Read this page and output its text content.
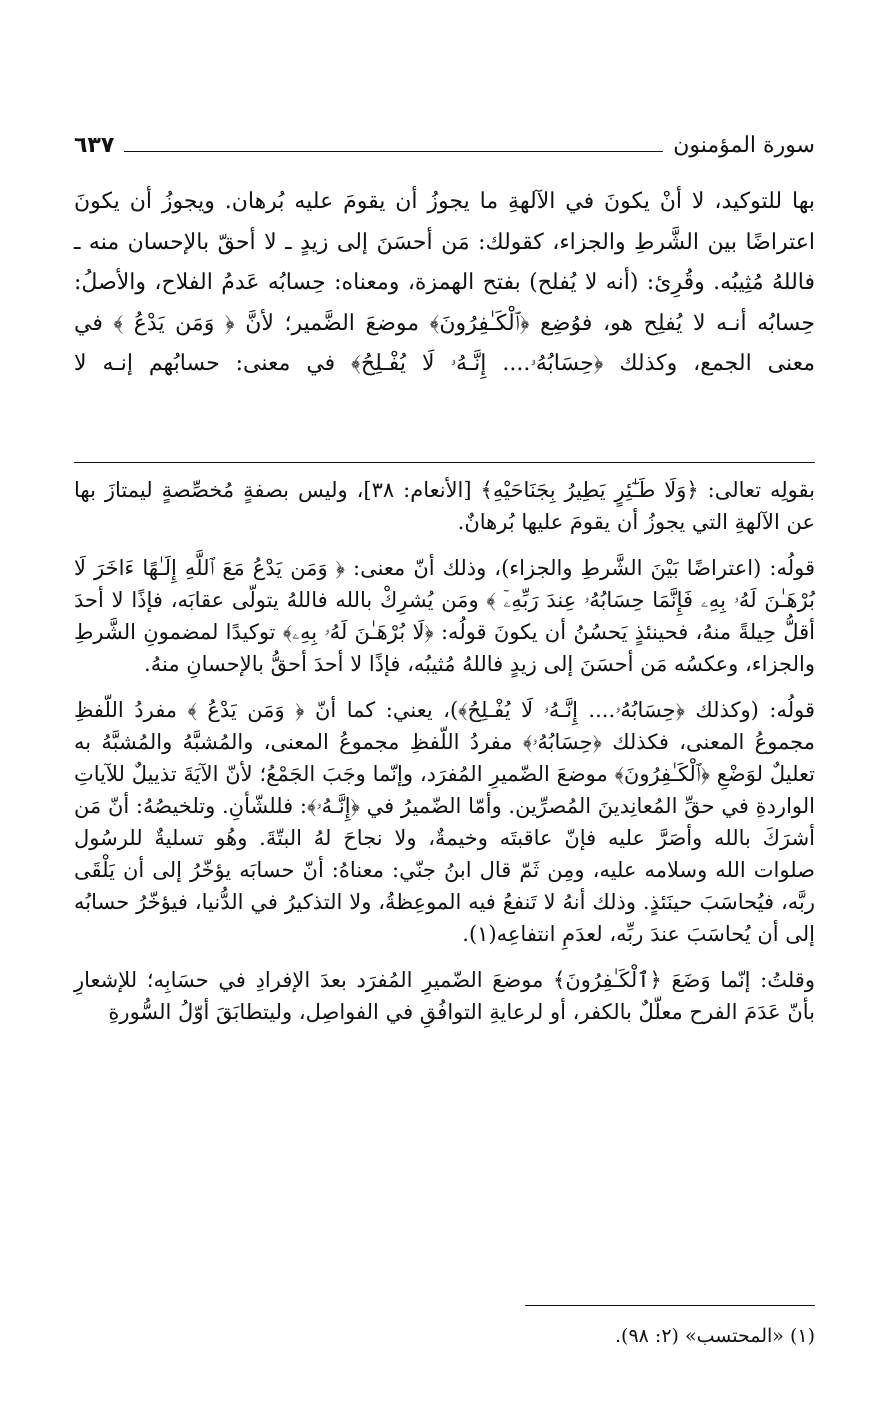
سورة المؤمنون
٦٣٧

بها للتوكيد، لا أنْ يكونَ في الآلهةِ ما يجوزُ أن يقومَ عليه بُرهان. ويجوزُ أن يكونَ اعتراضًا بين الشَّرطِ والجزاء، كقولك: مَن أحسَنَ إلى زيدٍ ـ لا أحقّ بالإحسان منه ـ فاللهُ مُثِيبُه. وقُرِئ: (أنه لا يُفلح) بفتح الهمزة، ومعناه: حِسابُه عَدمُ الفلاح، والأصلُ: حِسابُه أنـه لا يُفلِح هو، فوُضِع ﴿ٱلْكَـٰفِرُونَ﴾ موضعَ الضَّمير؛ لأنَّ ﴿ وَمَن يَدْعُ ﴾ في معنى الجمع، وكذلك ﴿حِسَابُهُۥ.... إِنَّـهُۥ لَا يُفْـلِحُ﴾ في معنى: حسابُهم إنـه لا

بقولِه تعالى: ﴿وَلَا طَـٰٓئِرٍ يَطِيرُ بِجَنَاحَيْهِ﴾ [الأنعام: ٣٨]، وليس بصفةٍ مُخصِّصةٍ ليمتازَ بها عن الآلهةِ التي يجوزُ أن يقومَ عليها بُرهانٌ.

قولُه: (اعتراضًا بَيْنَ الشَّرطِ والجزاء)، وذلك أنّ معنى: ﴿ وَمَن يَدْعُ مَعَ ٱللَّهِ إِلَـٰهًا ءَاخَرَ لَا بُرْهَـٰنَ لَهُۥ بِهِۦ فَإِنَّمَا حِسَابُهُۥ عِندَ رَبِّهِۦٓ ﴾ ومَن يُشرِكْ بالله فاللهُ يتولّى عقابَه، فإذًا لا أحدَ أقلُّ حِيلةً منهُ، فحينئذٍ يَحسُنُ أن يكونَ قولُه: ﴿لَا بُرْهَـٰنَ لَهُۥ بِهِۦ﴾ توكيدًا لمضمونِ الشَّرطِ والجزاء، وعكسُه مَن أحسَنَ إلى زيدٍ فاللهُ مُثيبُه، فإذًا لا أحدَ أحقُّ بالإحسانِ منهُ.

قولُه: (وكذلك ﴿حِسَابُهُۥ.... إِنَّـهُۥ لَا يُفْـلِحُ﴾)، يعني: كما أنّ ﴿ وَمَن يَدْعُ ﴾ مفردُ اللّفظِ مجموعُ المعنى، فكذلك ﴿حِسَابُهُۥ﴾ مفردُ اللّفظِ مجموعُ المعنى، والمُشبَّهُ والمُشبَّهُ به تعليلٌ لوَضْعِ ﴿ٱلْكَـٰفِرُونَ﴾ موضعَ الضّميرِ المُفرَد، وإنّما وجَبَ الجَمْعُ؛ لأنّ الآيَةَ تذييلٌ للآياتِ الواردةِ في حقِّ المُعانِدينَ المُصرِّين. وأمّا الضّميرُ في ﴿إِنَّـهُۥ﴾: فللشّأنِ. وتلخيصُهُ: أنّ مَن أشرَكَ بالله وأصَرَّ عليه فإنّ عاقبتَه وخيمةٌ، ولا نجاحَ لهُ البتّةَ. وهُو تسليةٌ للرسُول صلوات الله وسلامه عليه، ومِن ثَمّ قال ابنُ جنّي: معناهُ: أنّ حسابَه يؤخّرُ إلى أن يَلْقَى ربَّه، فيُحاسَبَ حينَئذٍ. وذلك أنهُ لا تَنفعُ فيه الموعِظةُ، ولا التذكيرُ في الدُّنيا، فيؤخّرُ حسابُه إلى أن يُحاسَبَ عندَ ربِّه، لعدَمِ انتفاعِه(١).

وقلتُ: إنّما وَضَعَ ﴿ٱلْكَـٰفِرُونَ﴾ موضعَ الضّميرِ المُفرَد بعدَ الإفرادِ في حسَابِه؛ للإشعارِ بأنّ عَدَمَ الفرح معلّلٌ بالكفر، أو لرعايةِ التوافُقِ في الفواصِل، وليتطابَقَ أوّلُ السُّورةِ

(١) «المحتسب» (٢: ٩٨).
